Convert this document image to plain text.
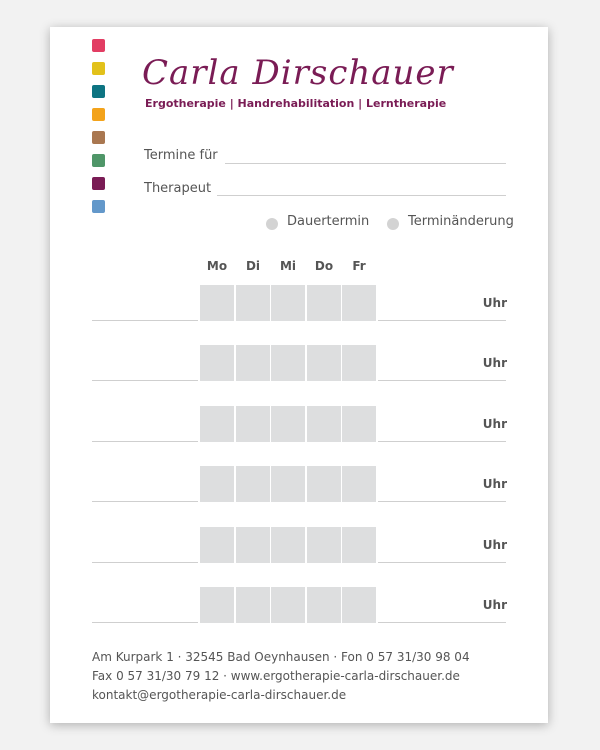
Carla Dirschauer
Ergotherapie | Handrehabilitation | Lerntherapie
Termine für
Therapeut
Dauertermin	Terminänderung
Mo	Di	Mi	Do	Fr
Uhr
Uhr
Uhr
Uhr
Uhr
Uhr
Am Kurpark 1 · 32545 Bad Oeynhausen · Fon 0 57 31/30 98 04
Fax 0 57 31/30 79 12 · www.ergotherapie-carla-dirschauer.de
kontakt@ergotherapie-carla-dirschauer.de
